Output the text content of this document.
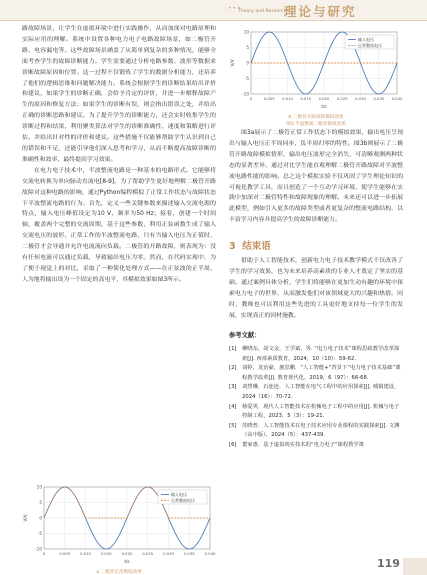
•••
Theory and Research
理论与研究

路故障场景，让学生在虚拟环境中进行实践操作，从而加深对电路原理和实际应用的理解。系统中设置各种电力电子电路故障场景，如二极管开路、电容漏电等。这些故障场景涵盖了从简单到复杂的多种情况，能够全面考查学生的故障诊断能力。学生需要通过分析电路参数、波形等数据来诊断故障原因和位置。这一过程不仅锻炼了学生的数据分析能力，还培养了他们的逻辑思维和问题解决能力。系统会根据学生的诊断结果给出评价和建议，如果学生的诊断正确，会给予肯定的评价，并进一步解释故障产生的原因和修复方法；如果学生的诊断有误，则会指出错误之处，并给出正确的诊断思路和建议。为了提升学生的诊断能力，还会实时收集学生的诊断过程和结果，利用聚类算法对学生的诊断准确性、速度和策略进行评估，并给出针对性的评价和建议。这些措施不仅能够帮助学生认识到自己的错误和不足，还能引导他们深入思考和学习，从而不断提高故障诊断的准确性和效率，最终提高学习效果。

在电力电子技术中，半波整流电路是一种基本的电路形式。它能够将交流电转换为单向脉动直流电[8-9]。为了帮助学生更好地理解二极管开路故障对这种电路的影响，通过Python编程模拟了正常工作状态与故障状态下半波整流电路的行为。首先，定义一些关键参数来描述输入交流电源的特点，输入电压峰值设定为10 V，频率为50 Hz；接着，创建一个时间轴，覆盖两个完整的交流周期，基于这些参数，利用正弦函数生成了输入交流电压的波形。正常工作的半波整流电路，只有当输入电压为正值时，二极管才会导通并允许电流流向负载。二极管的开路故障，则表现为：没有任何电流可以通过负载，导致输出电压为零。然而，在代码实现中，为了便于视觉上的对比，采取了一种简化处理方式——在正弦波的正半周，人为地将输出设为一个固定的高电平，其模拟效果如图3所示。

10
5
0
-5
-10
0	0.005 0.010 0.015 0.020 0.025 0.030 0.035 0.040
输入电压
正常整流电压
V/V
t/s
b 二极管开路故障模拟效果
图3 半波整流二极管模拟效果
10
5
0
-5
-10
0	0.005	0.010	0.015	0.020	0.025	0.030	0.035	0.040
输入电压
正常整流电压
V/V
t/s
a 二极管正常模拟效果

图3a展示了二极管正常工作状态下的模拟效果，输出电压呈现出与输入电压正半周同步、负半周归零的特性。图3b则展示了二极管开路故障模拟情形，输出电压波形完全消失，可清晰观测两种状态的显著差异。通过对比学生能直观理解二极管开路故障对半波整流电路性能的影响。总之这个模拟实验不仅巩固了学生理论知识的可视化教学工具，而且创造了一个互动学习环境，使学生能够在实践中加深对二极管特性和故障现象的理解。未来还可以进一步拓展此模型，例如引入更多的故障类型或者更复杂的整流电路结构，以丰富学习内容并提高学生的故障诊断能力。

3 结束语

借助于人工智能技术，创新电力电子技术教学模式不仅改善了学生的学习效果，也为未来培养高素质的专业人才奠定了坚实的基础。通过案例具体分析，学生们将能够在更加生动有趣的环境中探索电力电子的世界，从而激发他们对该领域更大的兴趣和热情。同时，教师也可以利用这些先进的工具更好地支持每一位学生的发展，实现真正的因材施教。

参考文献：
[1]	柳晓东，胡文金，王学斌，等. “电力电子技术”课程思政教学改革探索[J]. 西部素质教育，2024，10（10）：59-62.
[2]	刘婷，龙治豪，施思鹏．“人工智能+”背景下“电力电子技术基础”课程教学改革[J]. 教育现代化，2019，6（97）：66-68.
[3]	刘慧琳，石连连．人工智能在电气工程中的应用探索[J]. 城镇建设，2024（16）：70-72.
[4]	杨爱英．现代人工智能技术在机械电子工程中的应用[J]. 机械与电子控制工程，2023，5（3）：19-21.
[5]	苏晓普．人工智能技术在电子技术应用专业课程的实践探索[J]. 文渊（高中版），2024（5）：437-439.
[6]	董家惠．基于虚拟现实技术的“电力电子”课程教学策
119
